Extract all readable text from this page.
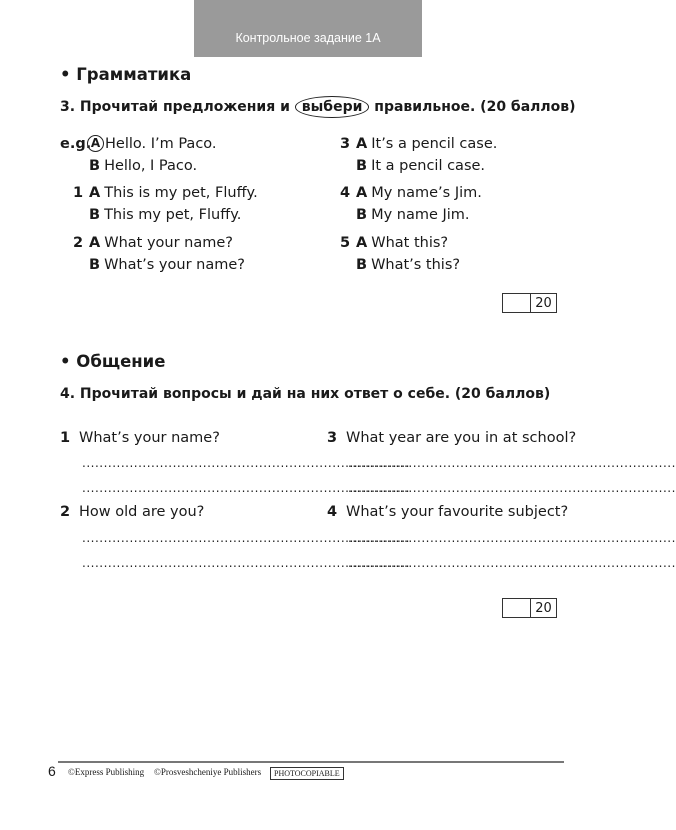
Контрольное задание 1А
• Грамматика
3. Прочитай предложения и выбери правильное. (20 баллов)
e.g.A Hello. I’m Paco.
B Hello, I Paco.
1 A This is my pet, Fluffy.
B This my pet, Fluffy.
2 A What your name?
B What’s your name?
3 A It’s a pencil case.
B It a pencil case.
4 A My name’s Jim.
B My name Jim.
5 A What this?
B What’s this?
20
• Общение
4. Прочитай вопросы и дай на них ответ о себе. (20 баллов)
1 What’s your name?
............................................................................
............................................................................
2 How old are you?
............................................................................
............................................................................
3 What year are you in at school?
............................................................................
............................................................................
4 What’s your favourite subject?
............................................................................
............................................................................
20
6 ©Express Publishing ©Prosveshcheniye Publishers	PHOTOCOPIABLE
